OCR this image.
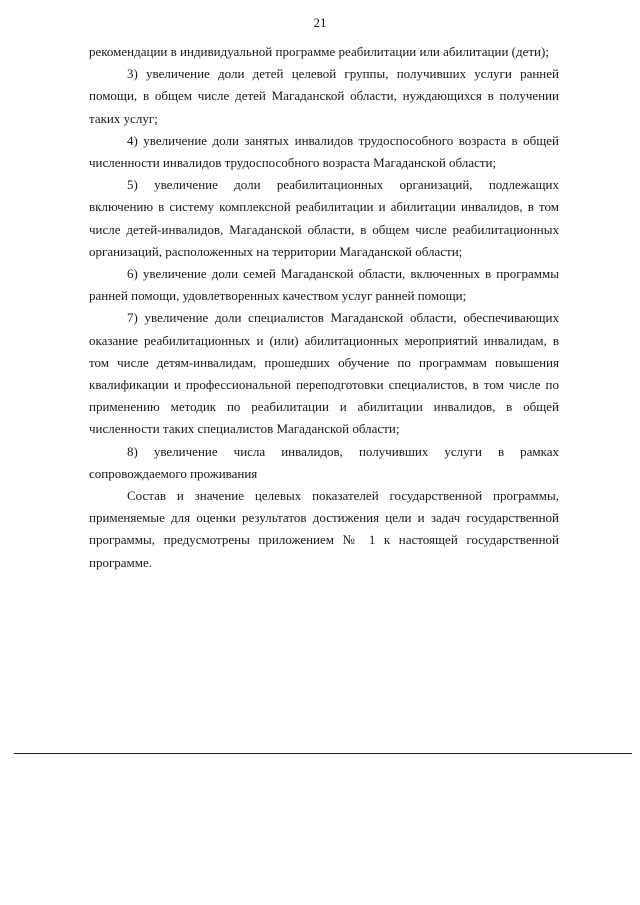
21

рекомендации в индивидуальной программе реабилитации или абилитации (дети);

3) увеличение доли детей целевой группы, получивших услуги ранней помощи, в общем числе детей Магаданской области, нуждающихся в получении таких услуг;

4) увеличение доли занятых инвалидов трудоспособного возраста в общей численности инвалидов трудоспособного возраста Магаданской области;

5) увеличение доли реабилитационных организаций, подлежащих включению в систему комплексной реабилитации и абилитации инвалидов, в том числе детей-инвалидов, Магаданской области, в общем числе реабилитационных организаций, расположенных на территории Магаданской области;

6) увеличение доли семей Магаданской области, включенных в программы ранней помощи, удовлетворенных качеством услуг ранней помощи;

7) увеличение доли специалистов Магаданской области, обеспечивающих оказание реабилитационных и (или) абилитационных мероприятий инвалидам, в том числе детям-инвалидам, прошедших обучение по программам повышения квалификации и профессиональной переподготовки специалистов, в том числе по применению методик по реабилитации и абилитации инвалидов, в общей численности таких специалистов Магаданской области;

8) увеличение числа инвалидов, получивших услуги в рамках сопровождаемого проживания

Состав и значение целевых показателей государственной программы, применяемые для оценки результатов достижения цели и задач государственной программы, предусмотрены приложением № 1 к настоящей государственной программе.
